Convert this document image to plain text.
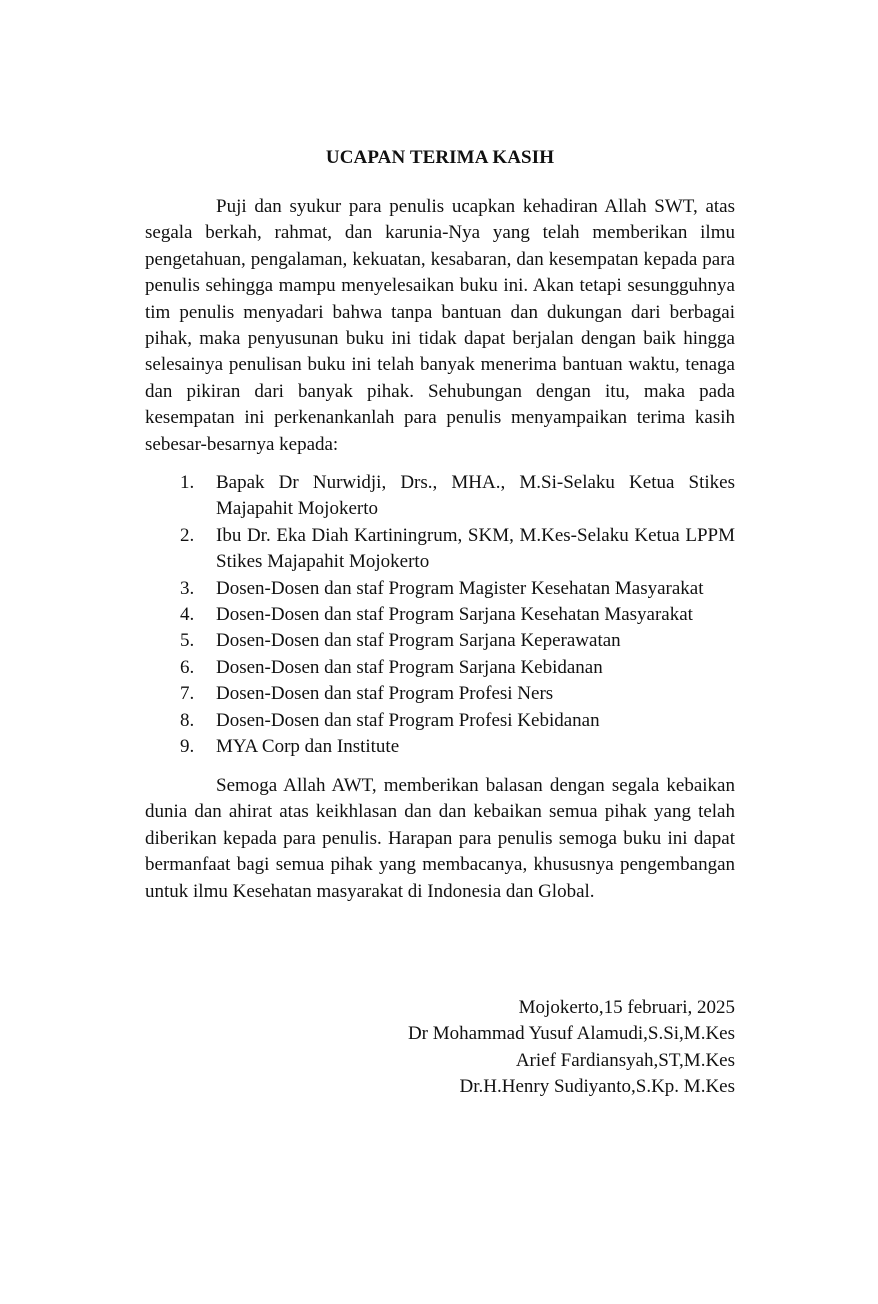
UCAPAN TERIMA KASIH

Puji dan syukur para penulis ucapkan kehadiran Allah SWT, atas segala berkah, rahmat, dan karunia-Nya yang telah memberikan ilmu pengetahuan, pengalaman, kekuatan, kesabaran, dan kesempatan kepada para penulis sehingga mampu menyelesaikan buku ini. Akan tetapi sesungguhnya tim penulis menyadari bahwa tanpa bantuan dan dukungan dari berbagai pihak, maka penyusunan buku ini tidak dapat berjalan dengan baik hingga selesainya penulisan buku ini telah banyak menerima bantuan waktu, tenaga dan pikiran dari banyak pihak. Sehubungan dengan itu, maka pada kesempatan ini perkenankanlah para penulis menyampaikan terima kasih sebesar-besarnya kepada:

1. Bapak Dr Nurwidji, Drs., MHA., M.Si-Selaku Ketua Stikes Majapahit Mojokerto
2. Ibu Dr. Eka Diah Kartiningrum, SKM, M.Kes-Selaku Ketua LPPM Stikes Majapahit Mojokerto
3. Dosen-Dosen dan staf Program Magister Kesehatan Masyarakat
4. Dosen-Dosen dan staf Program Sarjana Kesehatan Masyarakat
5. Dosen-Dosen dan staf Program Sarjana Keperawatan
6. Dosen-Dosen dan staf Program Sarjana Kebidanan
7. Dosen-Dosen dan staf Program Profesi Ners
8. Dosen-Dosen dan staf Program Profesi Kebidanan
9. MYA Corp dan Institute

Semoga Allah AWT, memberikan balasan dengan segala kebaikan dunia dan ahirat atas keikhlasan dan dan kebaikan semua pihak yang telah diberikan kepada para penulis. Harapan para penulis semoga buku ini dapat bermanfaat bagi semua pihak yang membacanya, khususnya pengembangan untuk ilmu Kesehatan masyarakat di Indonesia dan Global.

Mojokerto,15 februari, 2025
Dr Mohammad Yusuf Alamudi,S.Si,M.Kes
Arief Fardiansyah,ST,M.Kes
Dr.H.Henry Sudiyanto,S.Kp. M.Kes
